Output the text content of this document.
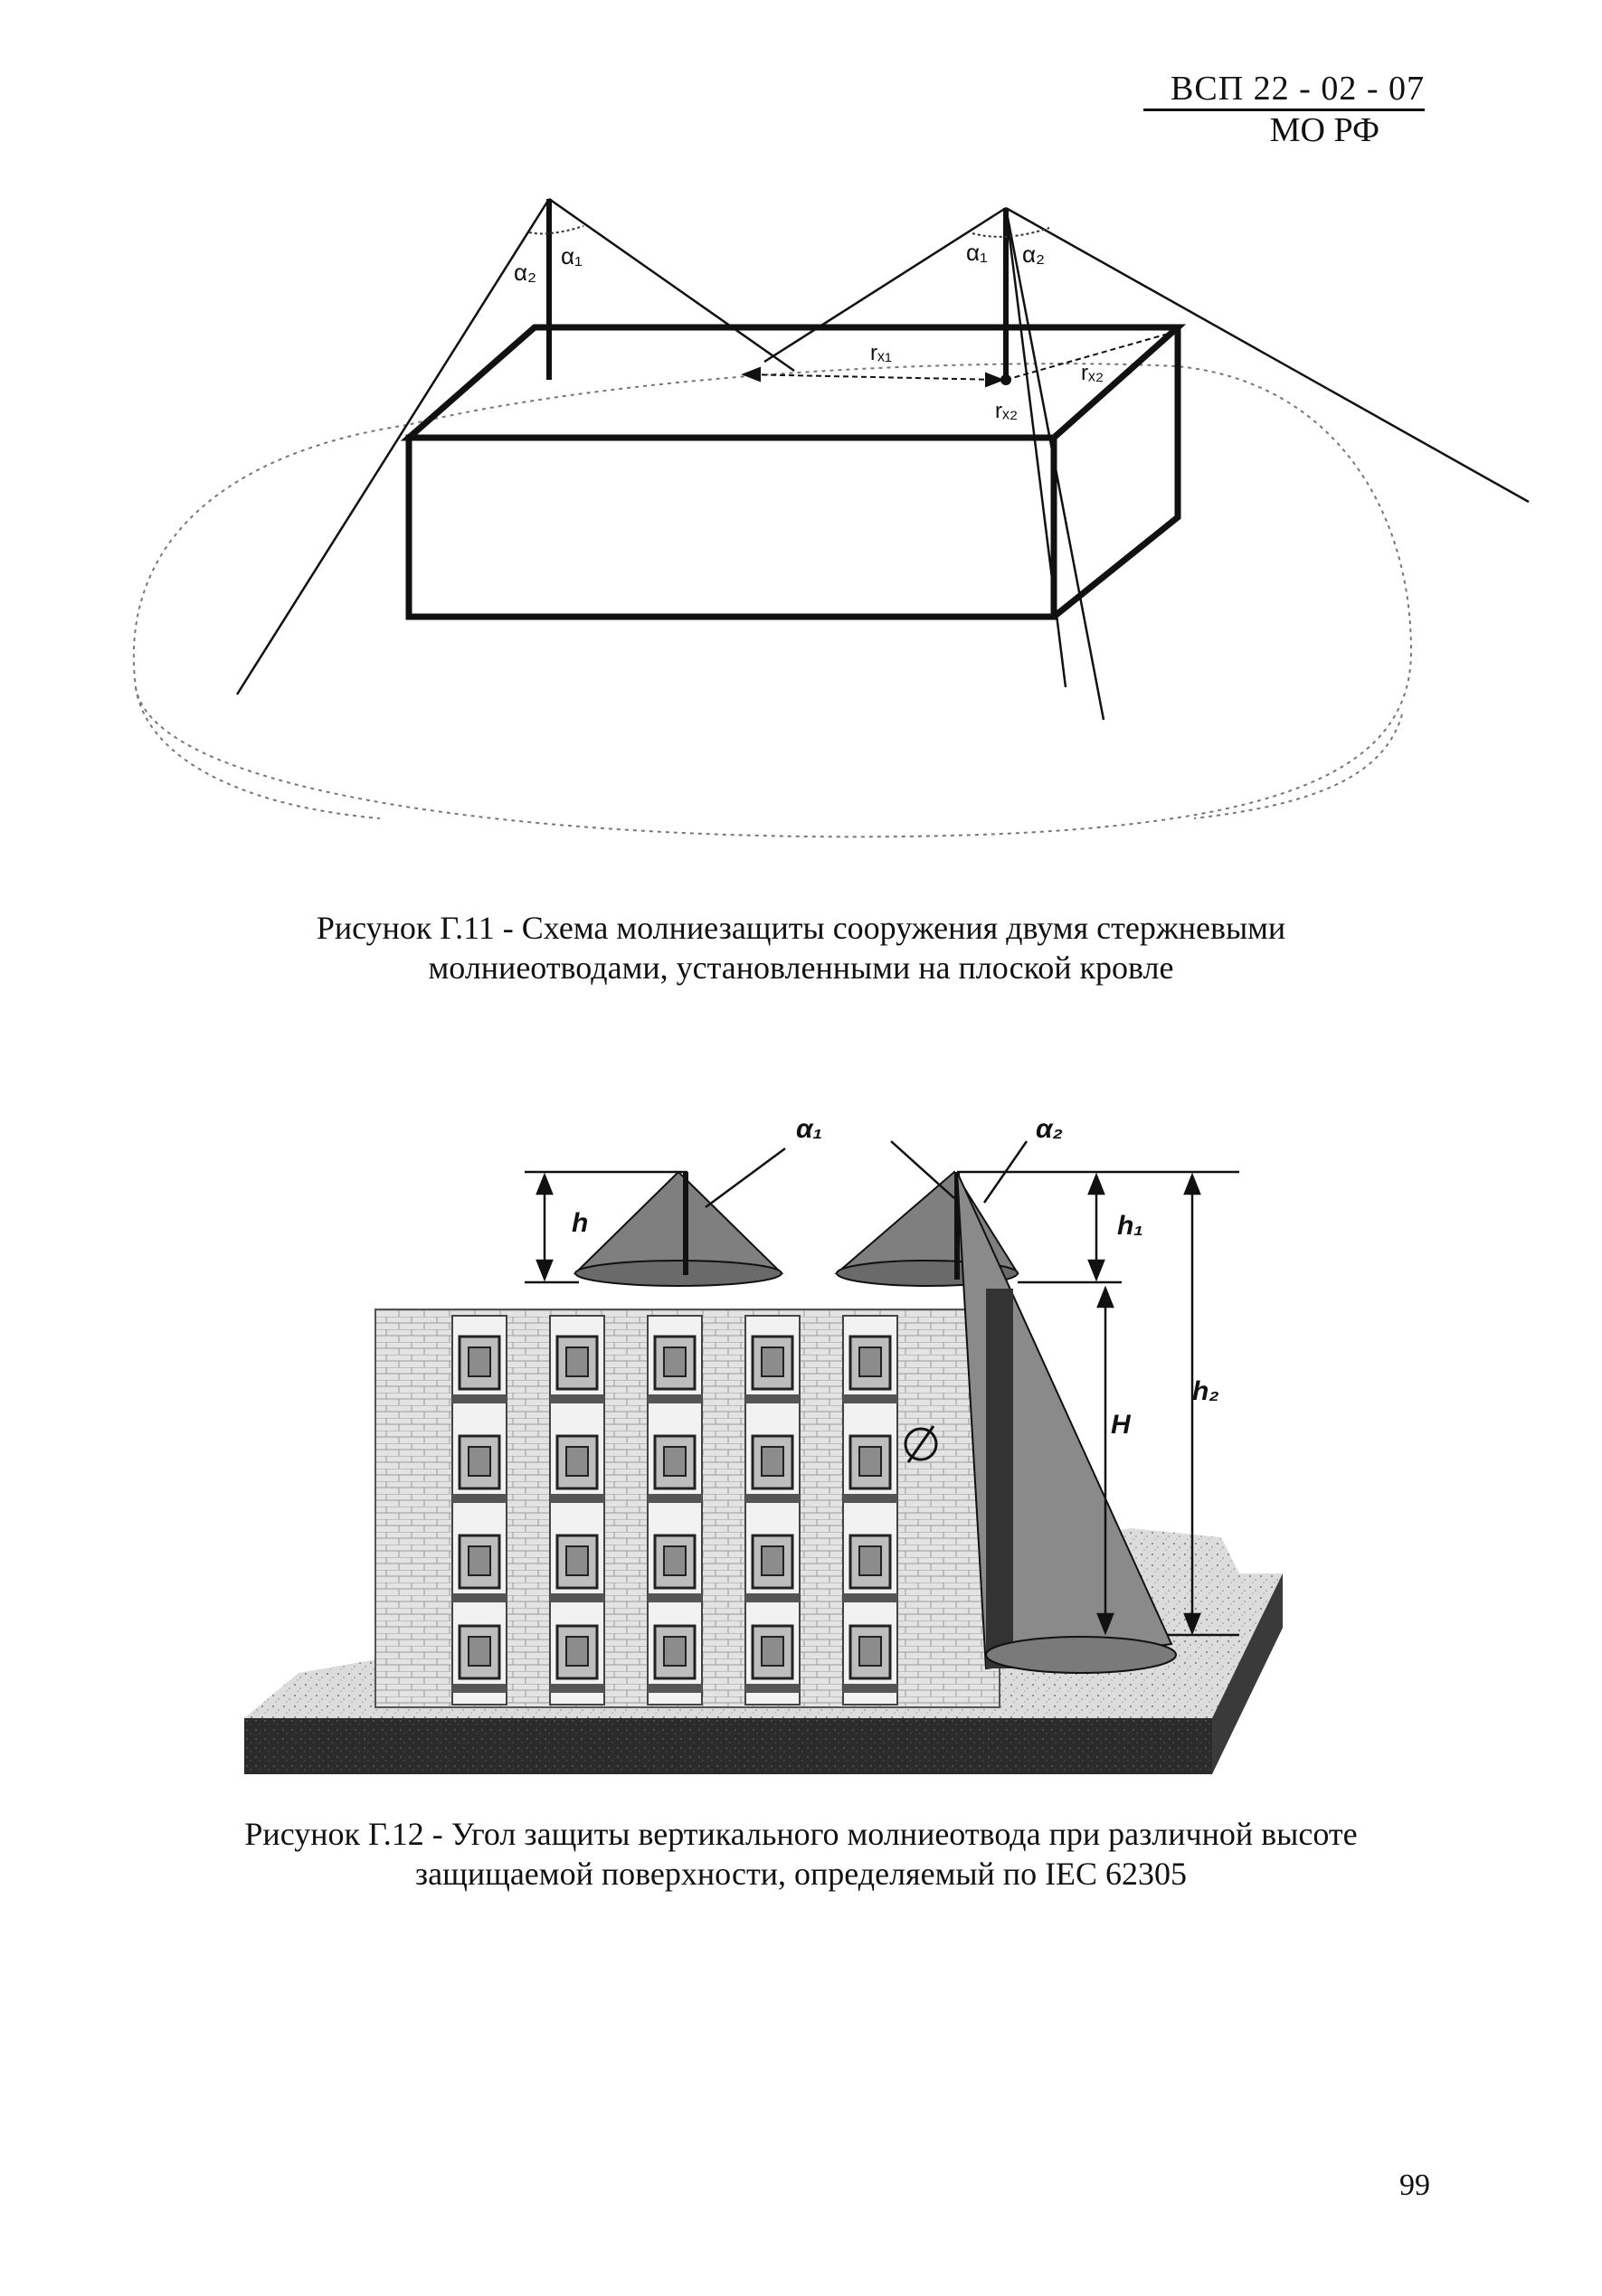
ВСП 22 - 02 - 07
МО РФ
α₂
α₁	α₁ α₂
rₓ₁
rₓ₂
rₓ₂
Рисунок Г.11 - Схема молниезащиты сооружения двумя стержневыми
молниеотводами, установленными на плоской кровле
α₁	α₂
h	h₁
h₂
H
Рисунок Г.12 - Угол защиты вертикального молниеотвода при различной высоте
защищаемой поверхности, определяемый по IEC 62305
99
